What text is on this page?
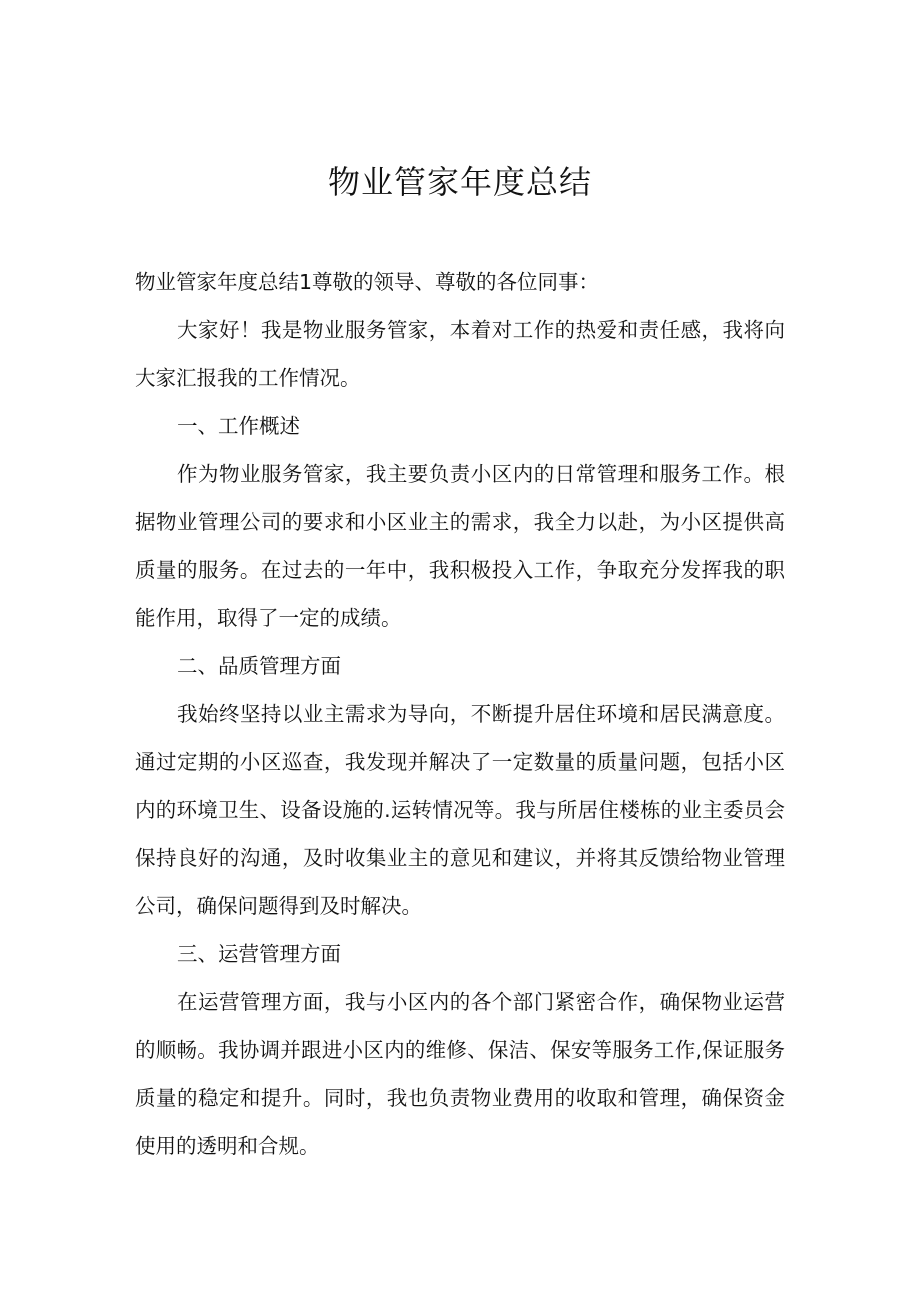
物业管家年度总结

物业管家年度总结1尊敬的领导、尊敬的各位同事：

大家好！我是物业服务管家，本着对工作的热爱和责任感，我将向大家汇报我的工作情况。

一、工作概述

作为物业服务管家，我主要负责小区内的日常管理和服务工作。根据物业管理公司的要求和小区业主的需求，我全力以赴，为小区提供高质量的服务。在过去的一年中，我积极投入工作，争取充分发挥我的职能作用，取得了一定的成绩。

二、品质管理方面

我始终坚持以业主需求为导向，不断提升居住环境和居民满意度。通过定期的小区巡查，我发现并解决了一定数量的质量问题，包括小区内的环境卫生、设备设施的.运转情况等。我与所居住楼栋的业主委员会保持良好的沟通，及时收集业主的意见和建议，并将其反馈给物业管理公司，确保问题得到及时解决。

三、运营管理方面

在运营管理方面，我与小区内的各个部门紧密合作，确保物业运营的顺畅。我协调并跟进小区内的维修、保洁、保安等服务工作,保证服务质量的稳定和提升。同时，我也负责物业费用的收取和管理，确保资金使用的透明和合规。
